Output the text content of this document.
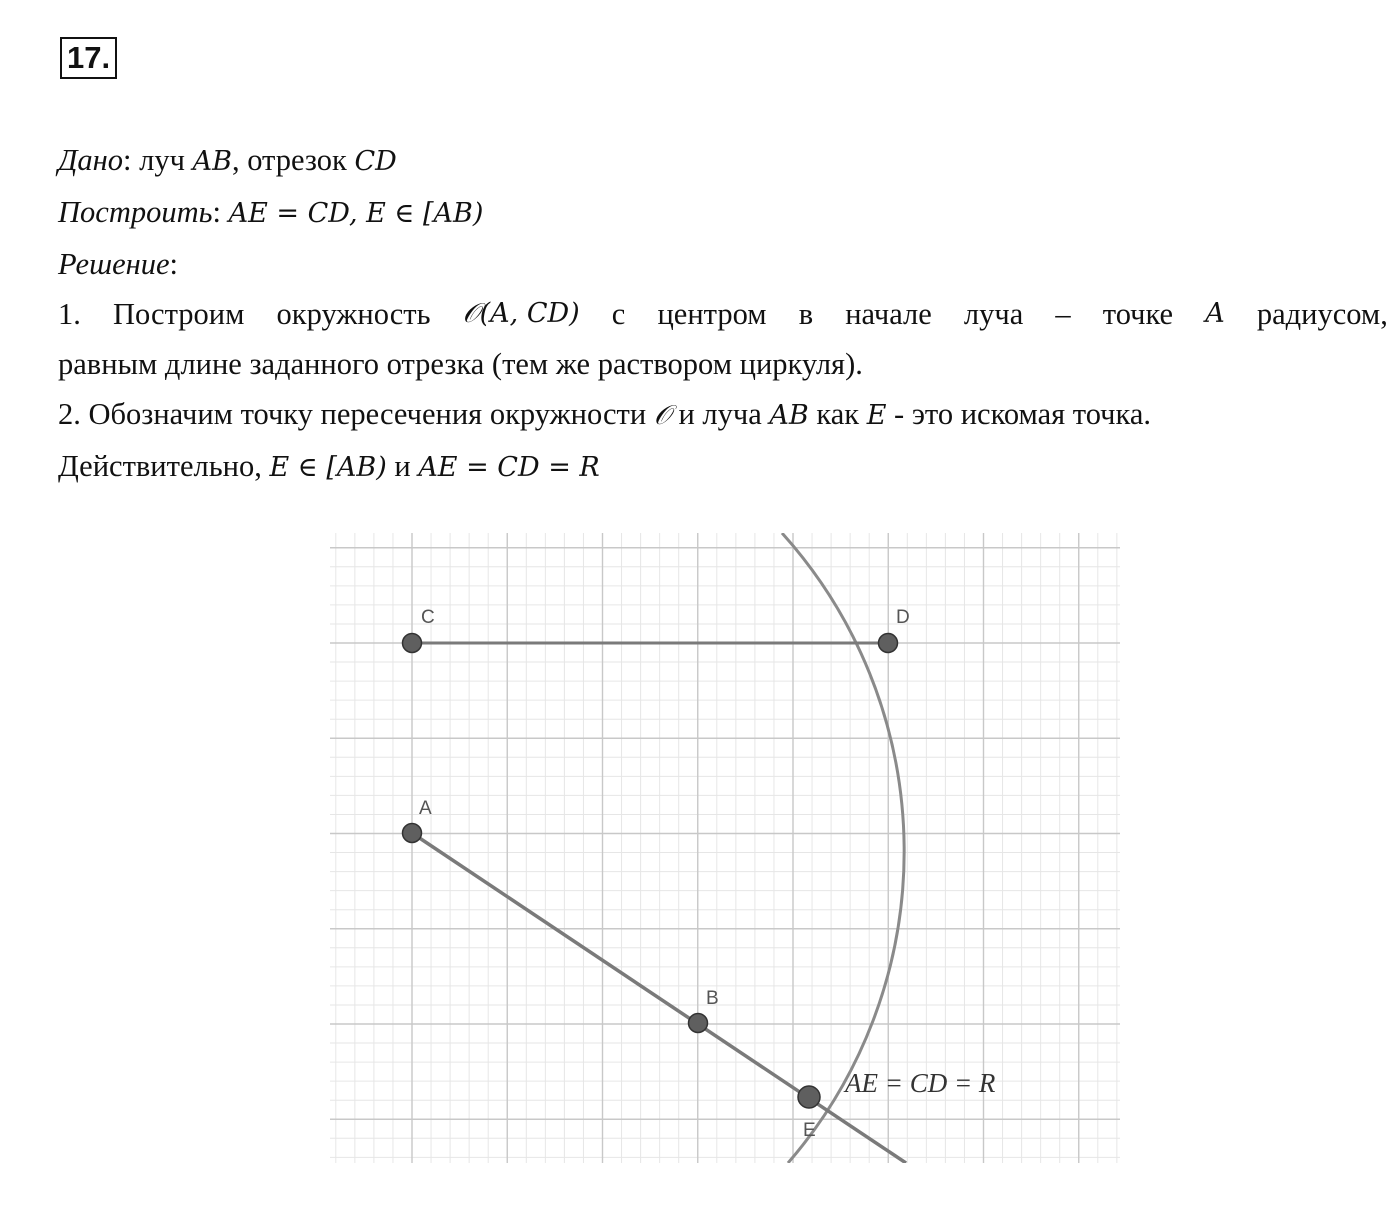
17.
Дано: луч AB, отрезок CD
Построить: AE = CD, E ∈ [AB)
Решение:
1. Построим окружность 𝒪(A, CD) с центром в начале луча – точке A радиусом,
равным длине заданного отрезка (тем же раствором циркуля).
2. Обозначим точку пересечения окружности 𝒪 и луча AB как E - это искомая точка.
Действительно, E ∈ [AB) и AE = CD = R
C	D
A
B
E
AE = CD = R
